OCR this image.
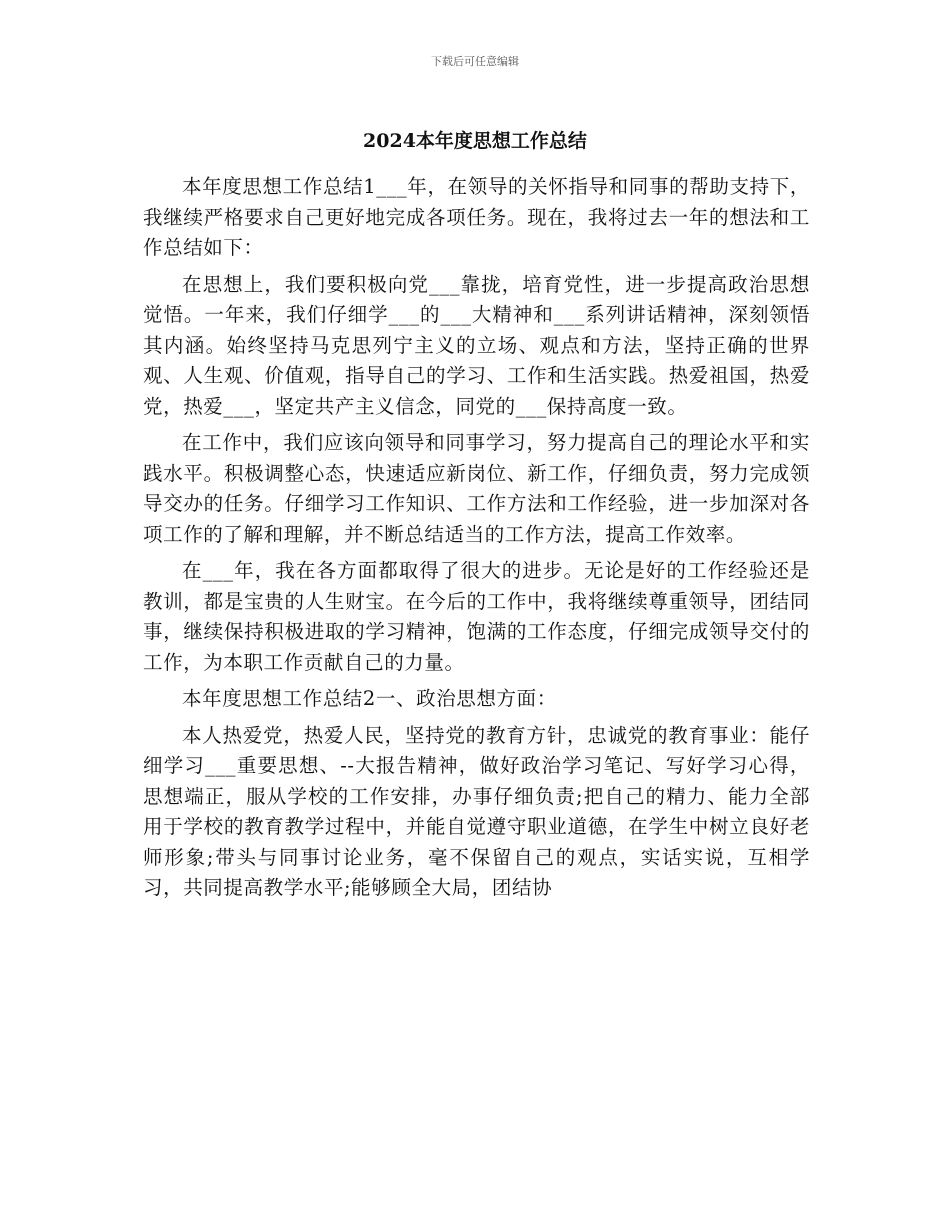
下载后可任意编辑
2024本年度思想工作总结

本年度思想工作总结1___年，在领导的关怀指导和同事的帮助支持下，我继续严格要求自己更好地完成各项任务。现在，我将过去一年的想法和工作总结如下：

在思想上，我们要积极向党___靠拢，培育党性，进一步提高政治思想觉悟。一年来，我们仔细学___的___大精神和___系列讲话精神，深刻领悟其内涵。始终坚持马克思列宁主义的立场、观点和方法，坚持正确的世界观、人生观、价值观，指导自己的学习、工作和生活实践。热爱祖国，热爱党，热爱___，坚定共产主义信念，同党的___保持高度一致。

在工作中，我们应该向领导和同事学习，努力提高自己的理论水平和实践水平。积极调整心态，快速适应新岗位、新工作，仔细负责，努力完成领导交办的任务。仔细学习工作知识、工作方法和工作经验，进一步加深对各项工作的了解和理解，并不断总结适当的工作方法，提高工作效率。

在___年，我在各方面都取得了很大的进步。无论是好的工作经验还是教训，都是宝贵的人生财宝。在今后的工作中，我将继续尊重领导，团结同事，继续保持积极进取的学习精神，饱满的工作态度，仔细完成领导交付的工作，为本职工作贡献自己的力量。

本年度思想工作总结2一、政治思想方面：

本人热爱党，热爱人民，坚持党的教育方针，忠诚党的教育事业：能仔细学习___重要思想、--大报告精神，做好政治学习笔记、写好学习心得，思想端正，服从学校的工作安排，办事仔细负责;把自己的精力、能力全部用于学校的教育教学过程中，并能自觉遵守职业道德，在学生中树立良好老师形象;带头与同事讨论业务，毫不保留自己的观点，实话实说，互相学习，共同提高教学水平;能够顾全大局，团结协
